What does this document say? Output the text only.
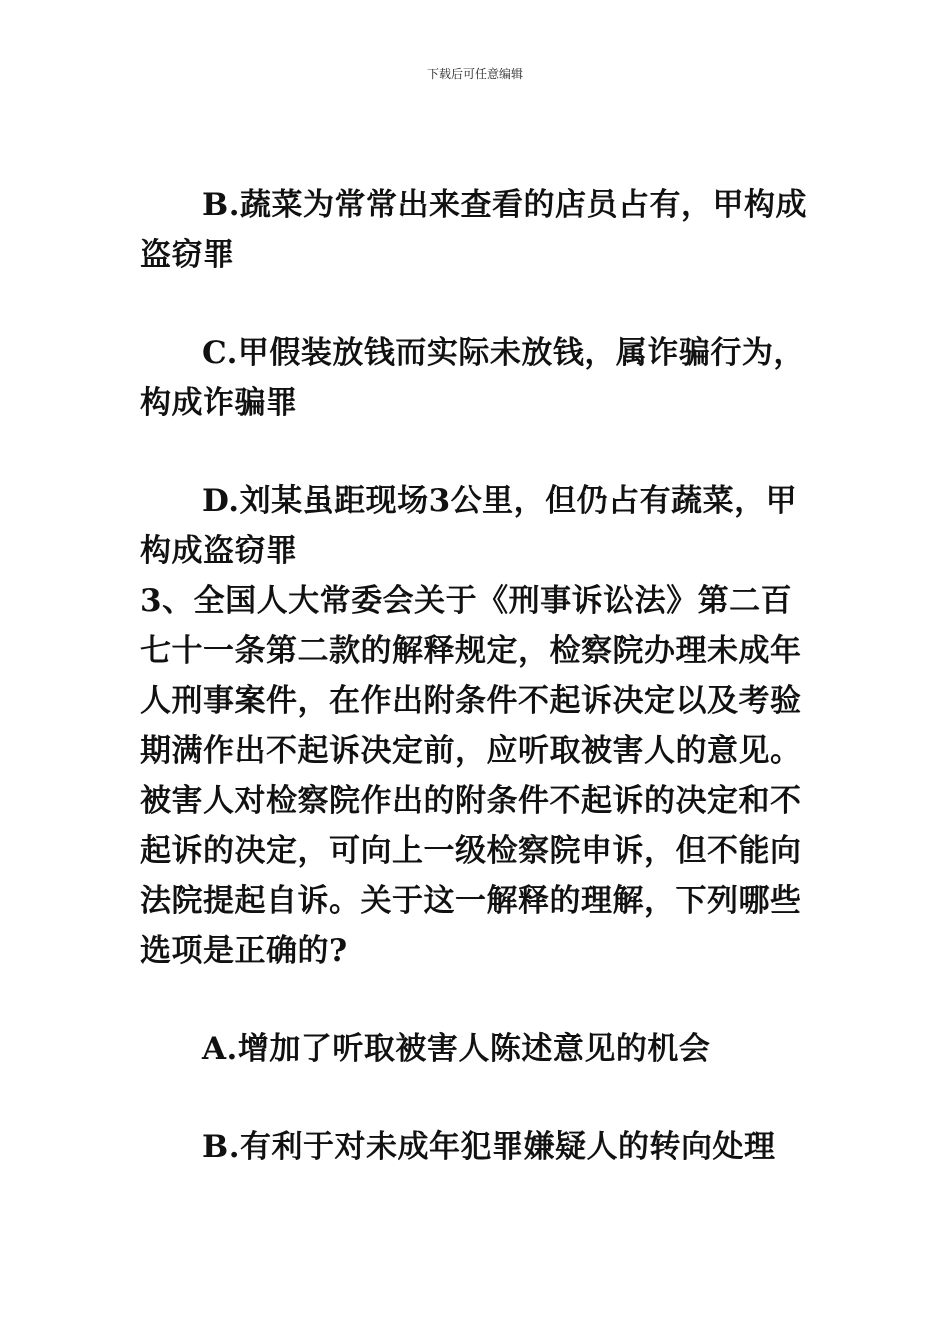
下载后可任意编辑

B.蔬菜为常常出来查看的店员占有，甲构成盗窃罪

C.甲假装放钱而实际未放钱，属诈骗行为，构成诈骗罪

D.刘某虽距现场3公里，但仍占有蔬菜，甲构成盗窃罪

3、全国人大常委会关于《刑事诉讼法》第二百七十一条第二款的解释规定，检察院办理未成年人刑事案件，在作出附条件不起诉决定以及考验期满作出不起诉决定前，应听取被害人的意见。被害人对检察院作出的附条件不起诉的决定和不起诉的决定，可向上一级检察院申诉，但不能向法院提起自诉。关于这一解释的理解，下列哪些选项是正确的?

A.增加了听取被害人陈述意见的机会

B.有利于对未成年犯罪嫌疑人的转向处理
